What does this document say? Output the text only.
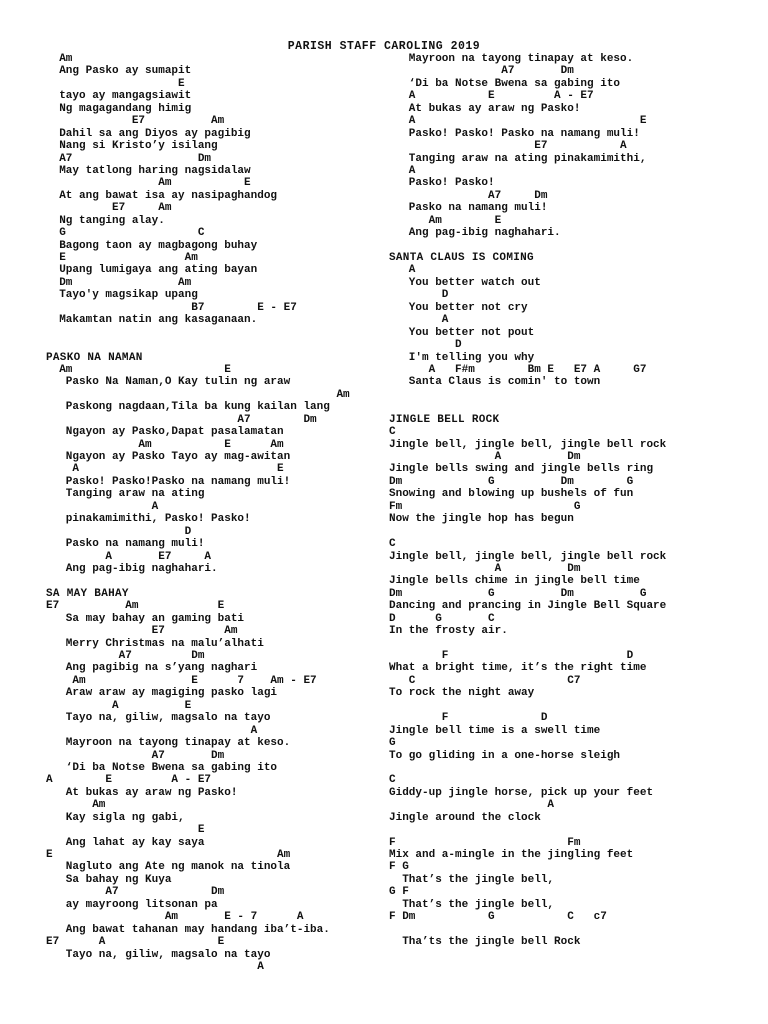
PARISH STAFF CAROLING 2019
Am
Ang Pasko ay sumapit
E
tayo ay mangagsiawit
Ng magagandang himig
E7          Am
Dahil sa ang Diyos ay pagibig
Nang si Kristo’y isilang
A7                   Dm
May tatlong haring nagsidalaw
Am           E
At ang bawat isa ay nasipaghandog
E7     Am
Ng tanging alay.
G                    C
Bagong taon ay magbagong buhay
E                  Am
Upang lumigaya ang ating bayan
Dm                Am
Tayo'y magsikap upang
B7        E - E7
Makamtan natin ang kasaganaan.
PASKO NA NAMAN
Am                       E
Pasko Na Naman,O Kay tulin ng araw
Am
Paskong nagdaan,Tila ba kung kailan lang
A7        Dm
Ngayon ay Pasko,Dapat pasalamatan
Am           E      Am
Ngayon ay Pasko Tayo ay mag-awitan
A                              E
Pasko! Pasko!Pasko na namang muli!
Tanging araw na ating
A
pinakamimithi, Pasko! Pasko!
D
Pasko na namang muli!
A       E7     A
Ang pag-ibig naghahari.
SA MAY BAHAY
E7          Am            E
Sa may bahay an gaming bati
E7         Am
Merry Christmas na malu’alhati
A7         Dm
Ang pagibig na s’yang naghari
Am                E      7    Am - E7
Araw araw ay magiging pasko lagi
A          E
Tayo na, giliw, magsalo na tayo
A
Mayroon na tayong tinapay at keso.
A7       Dm
‘Di ba Notse Bwena sa gabing ito
A        E         A - E7
At bukas ay araw ng Pasko!
Am
Kay sigla ng gabi,
E
Ang lahat ay kay saya
E                                  Am
Nagluto ang Ate ng manok na tinola
Sa bahay ng Kuya
A7              Dm
ay mayroong litsonan pa
Am       E - 7      A
Ang bawat tahanan may handang iba’t-iba.
E7      A                 E
Tayo na, giliw, magsalo na tayo
A
Mayroon na tayong tinapay at keso.
A7       Dm
‘Di ba Notse Bwena sa gabing ito
A           E         A - E7
At bukas ay araw ng Pasko!
A                                  E
Pasko! Pasko! Pasko na namang muli!
E7           A
Tanging araw na ating pinakamimithi,
A
Pasko! Pasko!
A7     Dm
Pasko na namang muli!
Am        E
Ang pag-ibig naghahari.
SANTA CLAUS IS COMING
A
You better watch out
D
You better not cry
A
You better not pout
D
I'm telling you why
A   F#m        Bm E   E7 A     G7
Santa Claus is comin' to town
JINGLE BELL ROCK
C
Jingle bell, jingle bell, jingle bell rock
A          Dm
Jingle bells swing and jingle bells ring
Dm             G          Dm        G
Snowing and blowing up bushels of fun
Fm                          G
Now the jingle hop has begun
C
Jingle bell, jingle bell, jingle bell rock
A          Dm
Jingle bells chime in jingle bell time
Dm             G          Dm          G
Dancing and prancing in Jingle Bell Square
D      G       C
In the frosty air.
F                           D
What a bright time, it’s the right time
C                       C7
To rock the night away
F              D
Jingle bell time is a swell time
G
To go gliding in a one-horse sleigh
C
Giddy-up jingle horse, pick up your feet
A
Jingle around the clock
F                          Fm
Mix and a-mingle in the jingling feet
F G
That’s the jingle bell,
G F
That’s the jingle bell,
F Dm           G           C   c7
Tha’ts the jingle bell Rock
